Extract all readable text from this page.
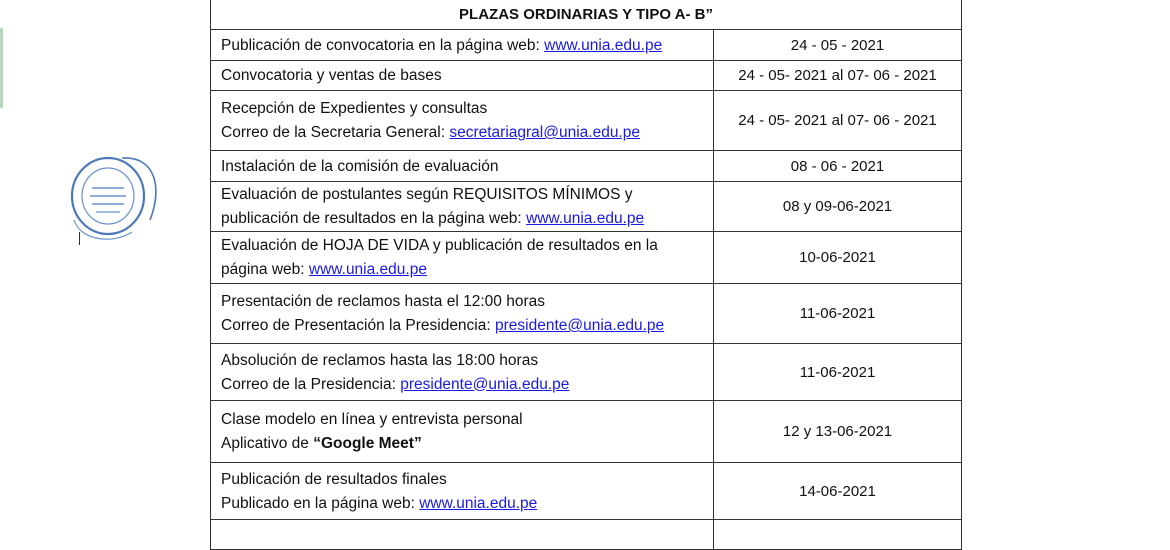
PLAZAS ORDINARIAS Y TIPO A- B”	

Publicación de convocatoria en la página web: www.unia.edu.pe	24 - 05 - 2021

Convocatoria y ventas de bases	24 - 05- 2021 al 07- 06 - 2021

Recepción de Expedientes y consultas
Correo de la Secretaria General: secretariagral@unia.edu.pe	24 - 05- 2021 al 07- 06 - 2021

Instalación de la comisión de evaluación	08 - 06 - 2021

Evaluación de postulantes según REQUISITOS MÍNIMOS y
publicación de resultados en la página web: www.unia.edu.pe	08 y 09-06-2021

Evaluación de HOJA DE VIDA y publicación de resultados en la
página web: www.unia.edu.pe	10-06-2021

Presentación de reclamos hasta el 12:00 horas
Correo de Presentación la Presidencia: presidente@unia.edu.pe	11-06-2021

Absolución de reclamos hasta las 18:00 horas
Correo de la Presidencia: presidente@unia.edu.pe	11-06-2021

Clase modelo en línea y entrevista personal
Aplicativo de “Google Meet”	12 y 13-06-2021

Publicación de resultados finales
Publicado en la página web: www.unia.edu.pe	14-06-2021
